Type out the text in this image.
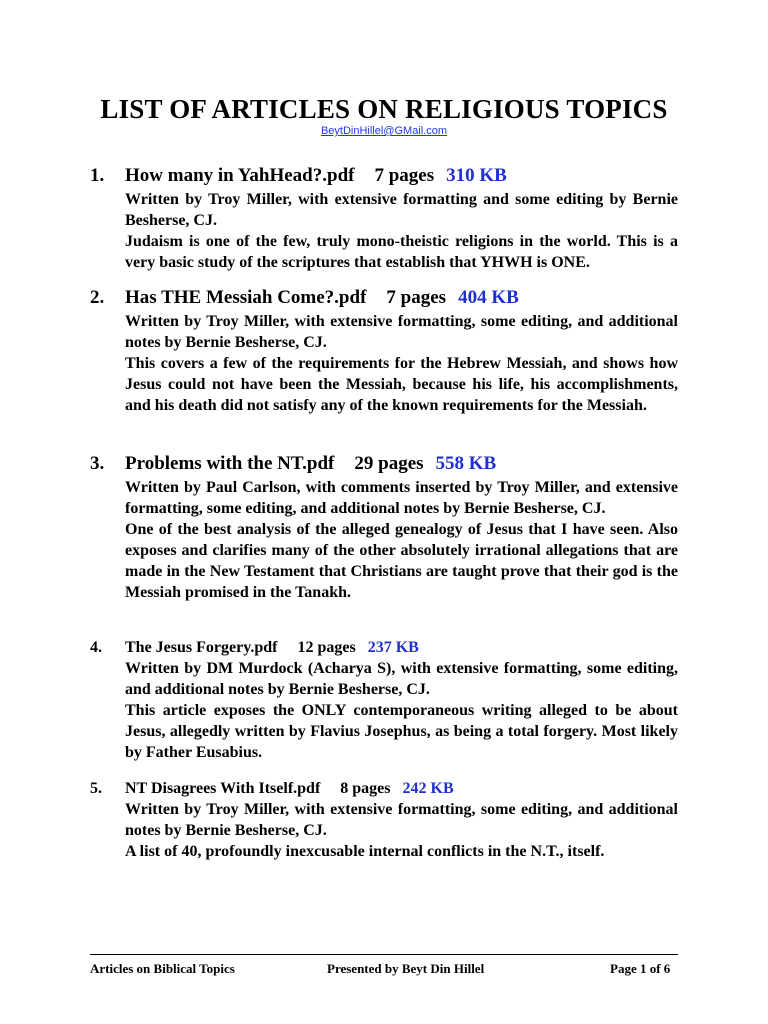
LIST OF ARTICLES ON RELIGIOUS TOPICS
BeytDinHillel@GMail.com
1. How many in YahHead?.pdf 7 pages 310 KB

Written by Troy Miller, with extensive formatting and some editing by Bernie Besherse, CJ.

Judaism is one of the few, truly mono-theistic religions in the world. This is a very basic study of the scriptures that establish that YHWH is ONE.

2. Has THE Messiah Come?.pdf 7 pages 404 KB

Written by Troy Miller, with extensive formatting, some editing, and additional notes by Bernie Besherse, CJ.

This covers a few of the requirements for the Hebrew Messiah, and shows how Jesus could not have been the Messiah, because his life, his accomplishments, and his death did not satisfy any of the known requirements for the Messiah.

3. Problems with the NT.pdf 29 pages 558 KB

Written by Paul Carlson, with comments inserted by Troy Miller, and extensive formatting, some editing, and additional notes by Bernie Besherse, CJ.

One of the best analysis of the alleged genealogy of Jesus that I have seen. Also exposes and clarifies many of the other absolutely irrational allegations that are made in the New Testament that Christians are taught prove that their god is the Messiah promised in the Tanakh.

4. The Jesus Forgery.pdf 12 pages 237 KB

Written by DM Murdock (Acharya S), with extensive formatting, some editing, and additional notes by Bernie Besherse, CJ.

This article exposes the ONLY contemporaneous writing alleged to be about Jesus, allegedly written by Flavius Josephus, as being a total forgery. Most likely by Father Eusabius.

5. NT Disagrees With Itself.pdf 8 pages 242 KB

Written by Troy Miller, with extensive formatting, some editing, and additional notes by Bernie Besherse, CJ.

A list of 40, profoundly inexcusable internal conflicts in the N.T., itself.

Articles on Biblical Topics	Presented by Beyt Din Hillel	Page 1 of 6
